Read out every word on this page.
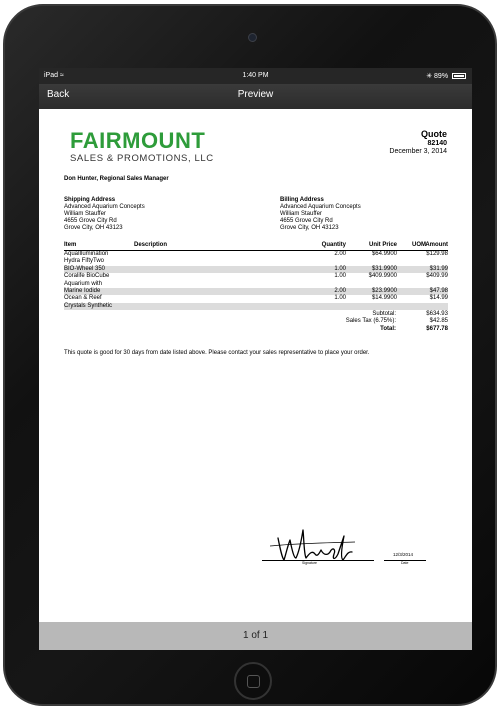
iPad ≈	1:40 PM	✳ 89%
Back	Preview
FAIRMOUNT
SALES & PROMOTIONS, LLC
Quote
82140
December 3, 2014
Don Hunter, Regional Sales Manager
Shipping Address
Advanced Aquarium Concepts
William Stauffer
4655 Grove City Rd
Grove City, OH 43123
Billing Address
Advanced Aquarium Concepts
William Stauffer
4655 Grove City Rd
Grove City, OH 43123
Item	Description	Quantity	Unit Price	UOM Amount
AquaIllumination	2.00	$64.9900	$129.98
Hydra FiftyTwo
BIO-Wheel 350	1.00	$31.9900	$31.99
Coralife BioCube	1.00	$409.9900	$409.99
Aquarium with
Marine Iodide	2.00	$23.9900	$47.98
Ocean & Reef	1.00	$14.9900	$14.99
Crystals Synthetic
Subtotal:	$634.93
Sales Tax (6.75%):	$42.85
Total:	$677.78
This quote is good for 30 days from date listed above. Please contact your sales representative to place your order.
Signature
12/3/2014
Date
1 of 1
